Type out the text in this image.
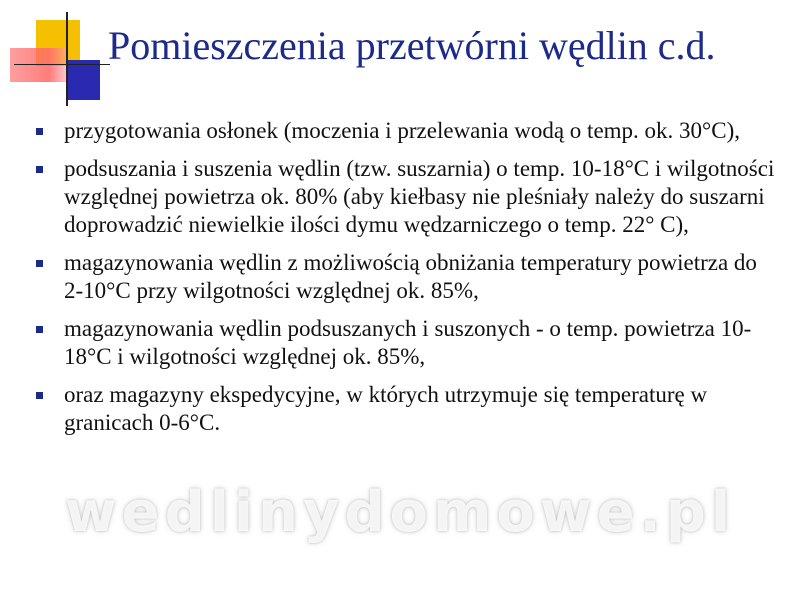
Pomieszczenia przetwórni wędlin c.d.
przygotowania osłonek (moczenia i przelewania wodą o temp. ok. 30°C),
podsuszania i suszenia wędlin (tzw. suszarnia) o temp. 10-18°C i wilgotności względnej powietrza ok. 80% (aby kiełbasy nie pleśniały należy do suszarni doprowadzić niewielkie ilości dymu wędzarniczego o temp. 22° C),
magazynowania wędlin z możliwością obniżania temperatury powietrza do 2-10°C przy wilgotności względnej ok. 85%,
magazynowania wędlin podsuszanych i suszonych - o temp. powietrza 10-18°C i wilgotności względnej ok. 85%,
oraz magazyny ekspedycyjne, w których utrzymuje się temperaturę w granicach 0-6°C.
wedlinydomowe.pl
